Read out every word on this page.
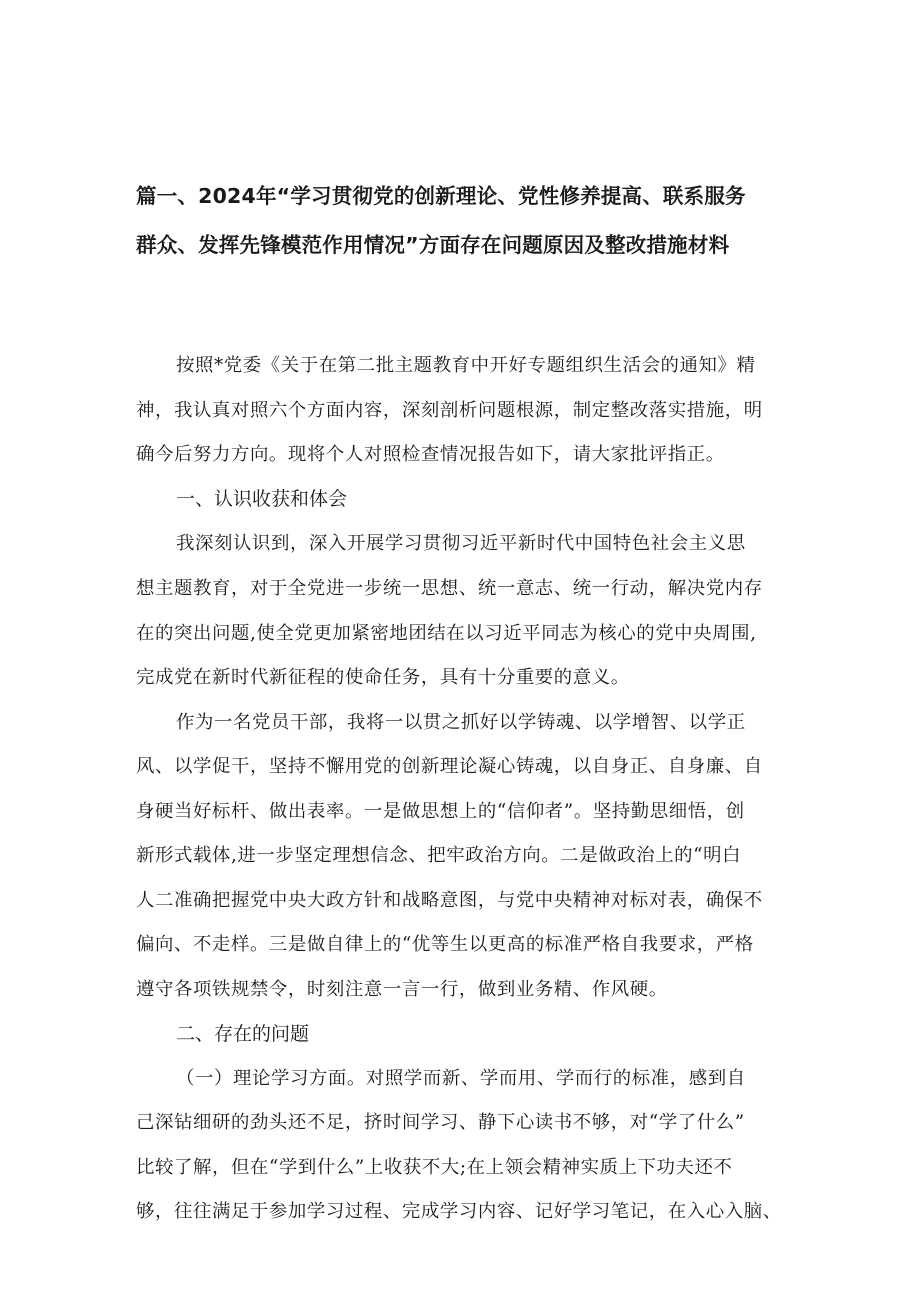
篇一、2024年“学习贯彻党的创新理论、党性修养提高、联系服务
群众、发挥先锋模范作用情况”方面存在问题原因及整改措施材料
按照*党委《关于在第二批主题教育中开好专题组织生活会的通知》精
神，我认真对照六个方面内容，深刻剖析问题根源，制定整改落实措施，明
确今后努力方向。现将个人对照检查情况报告如下，请大家批评指正。
一、认识收获和体会
我深刻认识到，深入开展学习贯彻习近平新时代中国特色社会主义思
想主题教育，对于全党进一步统一思想、统一意志、统一行动，解决党内存
在的突出问题,使全党更加紧密地团结在以习近平同志为核心的党中央周围,
完成党在新时代新征程的使命任务，具有十分重要的意义。
作为一名党员干部，我将一以贯之抓好以学铸魂、以学增智、以学正
风、以学促干，坚持不懈用党的创新理论凝心铸魂，以自身正、自身廉、自
身硬当好标杆、做出表率。一是做思想上的“信仰者”。坚持勤思细悟，创
新形式载体,进一步坚定理想信念、把牢政治方向。二是做政治上的“明白
人二准确把握党中央大政方针和战略意图，与党中央精神对标对表，确保不
偏向、不走样。三是做自律上的“优等生以更高的标准严格自我要求，严格
遵守各项铁规禁令，时刻注意一言一行，做到业务精、作风硬。
二、存在的问题
（一）理论学习方面。对照学而新、学而用、学而行的标准，感到自
己深钻细研的劲头还不足，挤时间学习、静下心读书不够，对“学了什么”
比较了解，但在“学到什么”上收获不大;在上领会精神实质上下功夫还不
够，往往满足于参加学习过程、完成学习内容、记好学习笔记，在入心入脑、
